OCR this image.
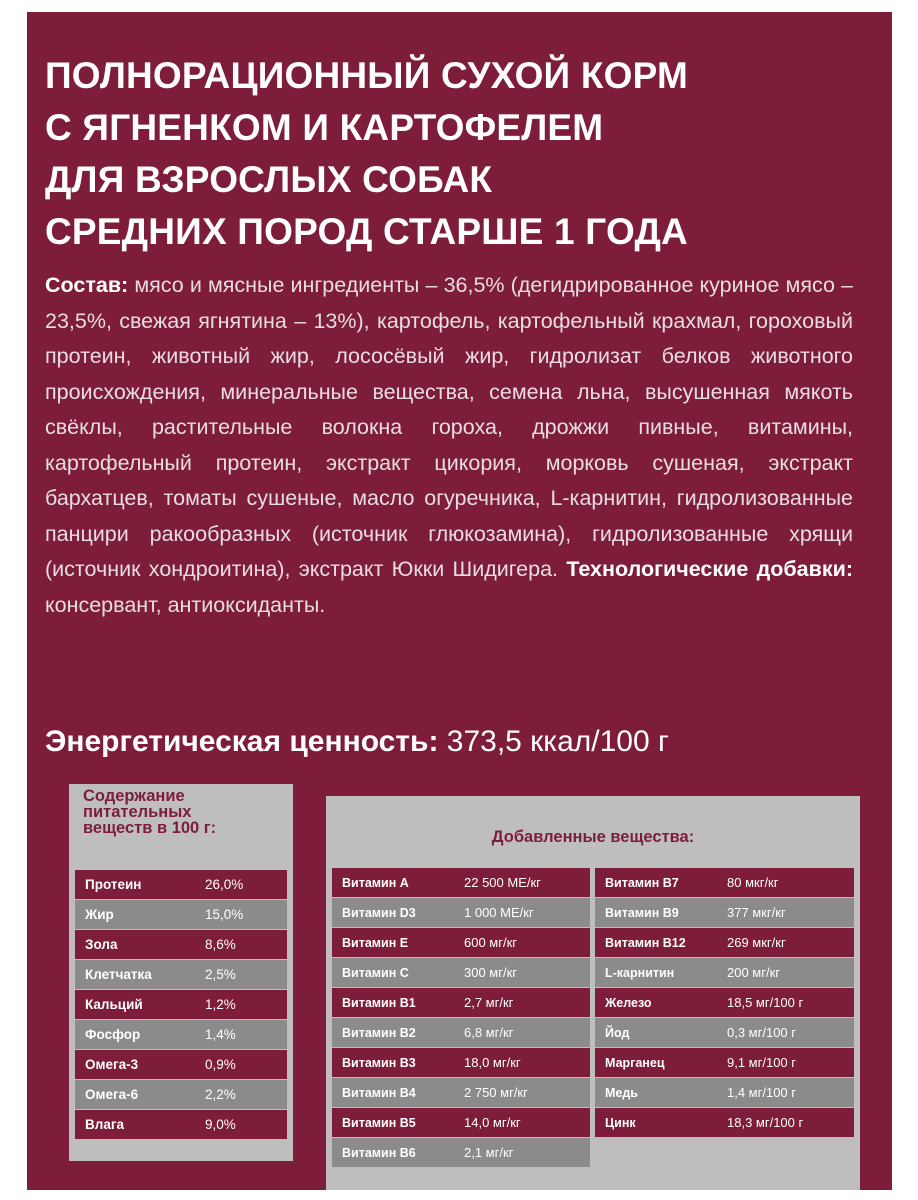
ПОЛНОРАЦИОННЫЙ СУХОЙ КОРМ
С ЯГНЕНКОМ И КАРТОФЕЛЕМ
ДЛЯ ВЗРОСЛЫХ СОБАК
СРЕДНИХ ПОРОД СТАРШЕ 1 ГОДА
Состав: мясо и мясные ингредиенты – 36,5% (дегидрированное куриное мясо – 23,5%, свежая ягнятина – 13%), картофель, картофельный крахмал, гороховый протеин, животный жир, лососёвый жир, гидролизат белков животного происхождения, минеральные вещества, семена льна, высушенная мякоть свёклы, растительные волокна гороха, дрожжи пивные, витамины, картофельный протеин, экстракт цикория, морковь сушеная, экстракт бархатцев, томаты сушеные, масло огуречника, L-карнитин, гидролизованные панцири ракообразных (источник глюкозамина), гидролизованные хрящи (источник хондроитина), экстракт Юкки Шидигера. Технологические добавки: консервант, антиоксиданты.
Энергетическая ценность: 373,5 ккал/100 г
Содержание
питательных
веществ в 100 г:
Протеин	26,0%
Жир	15,0%
Зола	8,6%
Клетчатка	2,5%
Кальций	1,2%
Фосфор	1,4%
Омега-3	0,9%
Омега-6	2,2%
Влага	9,0%
Добавленные вещества:
Витамин A	22 500 МЕ/кг
Витамин D3	1 000 МЕ/кг
Витамин E	600 мг/кг
Витамин C	300 мг/кг
Витамин B1	2,7 мг/кг
Витамин B2	6,8 мг/кг
Витамин B3	18,0 мг/кг
Витамин B4	2 750 мг/кг
Витамин B5	14,0 мг/кг
Витамин B6	2,1 мг/кг
Витамин B7	80 мкг/кг
Витамин B9	377 мкг/кг
Витамин B12	269 мкг/кг
L-карнитин	200 мг/кг
Железо	18,5 мг/100 г
Йод	0,3 мг/100 г
Марганец	9,1 мг/100 г
Медь	1,4 мг/100 г
Цинк	18,3 мг/100 г
